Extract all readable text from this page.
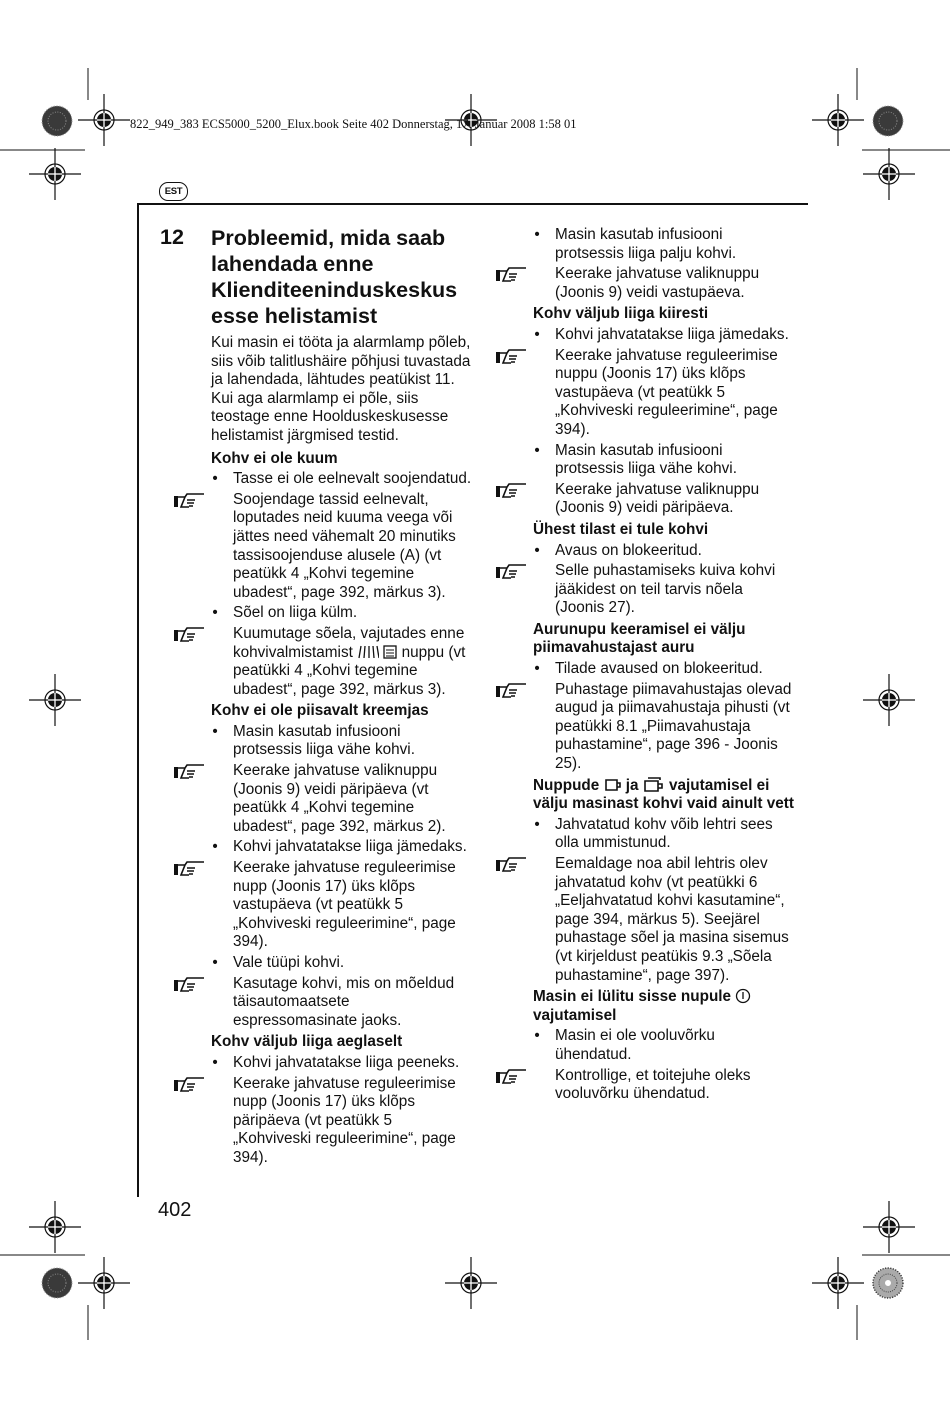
822_949_383 ECS5000_5200_Elux.book Seite 402 Donnerstag, 17. Januar 2008 1:58 01
EST
12 Probleemid, mida saab lahendada enne Klienditeeninduskeskus esse helistamist

Kui masin ei tööta ja alarmlamp põleb, siis võib talitlushäire põhjusi tuvastada ja lahendada, lähtudes peatükist 11. Kui aga alarmlamp ei põle, siis teostage enne Hoolduskeskusesse helistamist järgmised testid.

Kohv ei ole kuum

•	Tasse ei ole eelnevalt soojendatud.

Soojendage tassid eelnevalt, loputades neid kuuma veega või jättes need vähemalt 20 minutiks tassisoojenduse alusele (A) (vt peatükk 4 „Kohvi tegemine ubadest“, page 392, märkus 3).

•	Sõel on liiga külm.

Kuumutage sõela, vajutades enne kohvivalmistamist	nuppu (vt peatükki 4 „Kohvi tegemine ubadest“, page 392, märkus 3).

Kohv ei ole piisavalt kreemjas

•	Masin kasutab infusiooni protsessis liiga vähe kohvi.

Keerake jahvatuse valiknuppu (Joonis 9) veidi päripäeva (vt peatükk 4 „Kohvi tegemine ubadest“, page 392, märkus 2).

•	Kohvi jahvatatakse liiga jämedaks.

Keerake jahvatuse reguleerimise nupp (Joonis 17) üks klõps vastupäeva (vt peatükk 5 „Kohviveski reguleerimine“, page 394).

•	Vale tüüpi kohvi.

Kasutage kohvi, mis on mõeldud täisautomaatsete espressomasinate jaoks.

Kohv väljub liiga aeglaselt

•	Kohvi jahvatatakse liiga peeneks.

Keerake jahvatuse reguleerimise nupp (Joonis 17) üks klõps päripäeva (vt peatükk 5 „Kohviveski reguleerimine“, page 394).

•	Masin kasutab infusiooni protsessis liiga palju kohvi.

Keerake jahvatuse valiknuppu (Joonis 9) veidi vastupäeva.

Kohv väljub liiga kiiresti

•	Kohvi jahvatatakse liiga jämedaks.

Keerake jahvatuse reguleerimise nuppu (Joonis 17) üks klõps vastupäeva (vt peatükk 5 „Kohviveski reguleerimine“, page 394).

•	Masin kasutab infusiooni protsessis liiga vähe kohvi.

Keerake jahvatuse valiknuppu (Joonis 9) veidi päripäeva.

Ühest tilast ei tule kohvi

•	Avaus on blokeeritud.

Selle puhastamiseks kuiva kohvi jääkidest on teil tarvis nõela (Joonis 27).

Aurunupu keeramisel ei välju piimavahustajast auru

•	Tilade avaused on blokeeritud.

Puhastage piimavahustajas olevad augud ja piimavahustaja pihusti (vt peatükki 8.1 „Piimavahustaja puhastamine“, page 396 - Joonis 25).

Nuppude ja vajutamisel ei välju masinast kohvi vaid ainult vett

•	Jahvatatud kohv võib lehtri sees olla ummistunud.

Eemaldage noa abil lehtris olev jahvatatud kohv (vt peatükki 6 „Eeljahvatatud kohvi kasutamine“, page 394, märkus 5). Seejärel puhastage sõel ja masina sisemus (vt kirjeldust peatükis 9.3 „Sõela puhastamine“, page 397).

Masin ei lülitu sisse nupule  vajutamisel

•	Masin ei ole vooluvõrku ühendatud.

Kontrollige, et toitejuhe oleks vooluvõrku ühendatud.

402
